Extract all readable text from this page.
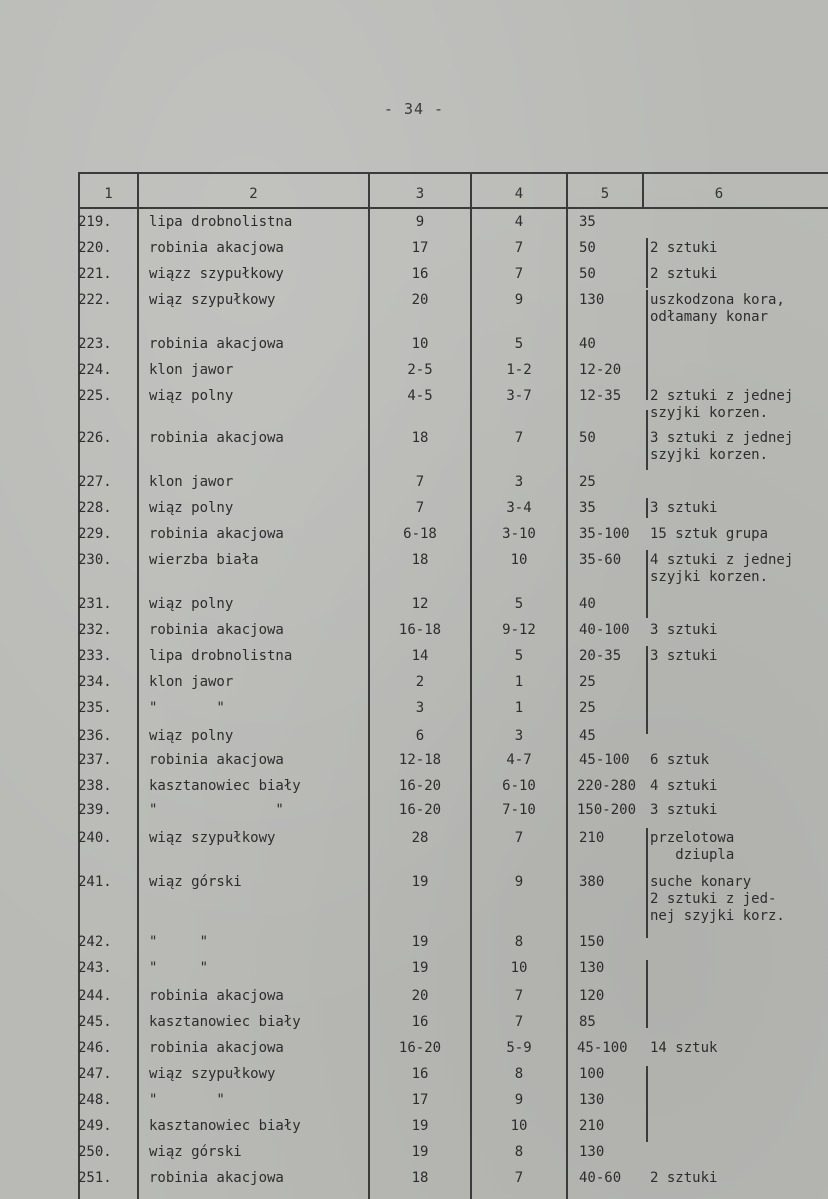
- 34 -
1	2	3	4	5	6
219.	lipa drobnolistna	9	4	35
220.	robinia akacjowa	17	7	50	2 sztuki
221.	wiązz szypułkowy	16	7	50	2 sztuki
222.	wiąz szypułkowy	20	9	130	uszkodzona kora,
odłamany konar
223.	robinia akacjowa	10	5	40
224.	klon jawor	2-5	1-2	12-20
225.	wiąz polny	4-5	3-7	12-35	2 sztuki z jednej
szyjki korzen.
226.	robinia akacjowa	18	7	50	3 sztuki z jednej
szyjki korzen.
227.	klon jawor	7	3	25
228.	wiąz polny	7	3-4	35	3 sztuki
229.	robinia akacjowa	6-18	3-10	35-100	15 sztuk grupa
230.	wierzba biała	18	10	35-60	4 sztuki z jednej
szyjki korzen.
231.	wiąz polny	12	5	40
232.	robinia akacjowa	16-18	9-12	40-100	3 sztuki
233.	lipa drobnolistna	14	5	20-35	3 sztuki
234.	klon jawor	2	1	25
235.	"       "	3	1	25
236.	wiąz polny	6	3	45
237.	robinia akacjowa	12-18	4-7	45-100	6 sztuk
238.	kasztanowiec biały	16-20	6-10	220-280 4 sztuki
239.	"              "	16-20	7-10	150-200 3 sztuki
240.	wiąz szypułkowy	28	7	210	przelotowa
dziupla
241.	wiąz górski	19	9	380	suche konary
2 sztuki z jed-
nej szyjki korz.
242.	"     "	19	8	150
243.	"     "	19	10	130
244.	robinia akacjowa	20	7	120
245.	kasztanowiec biały	16	7	85
246.	robinia akacjowa	16-20	5-9	45-100	14 sztuk
247.	wiąz szypułkowy	16	8	100
248.	"       "	17	9	130
249.	kasztanowiec biały	19	10	210
250.	wiąz górski	19	8	130
251.	robinia akacjowa	18	7	40-60	2 sztuki
